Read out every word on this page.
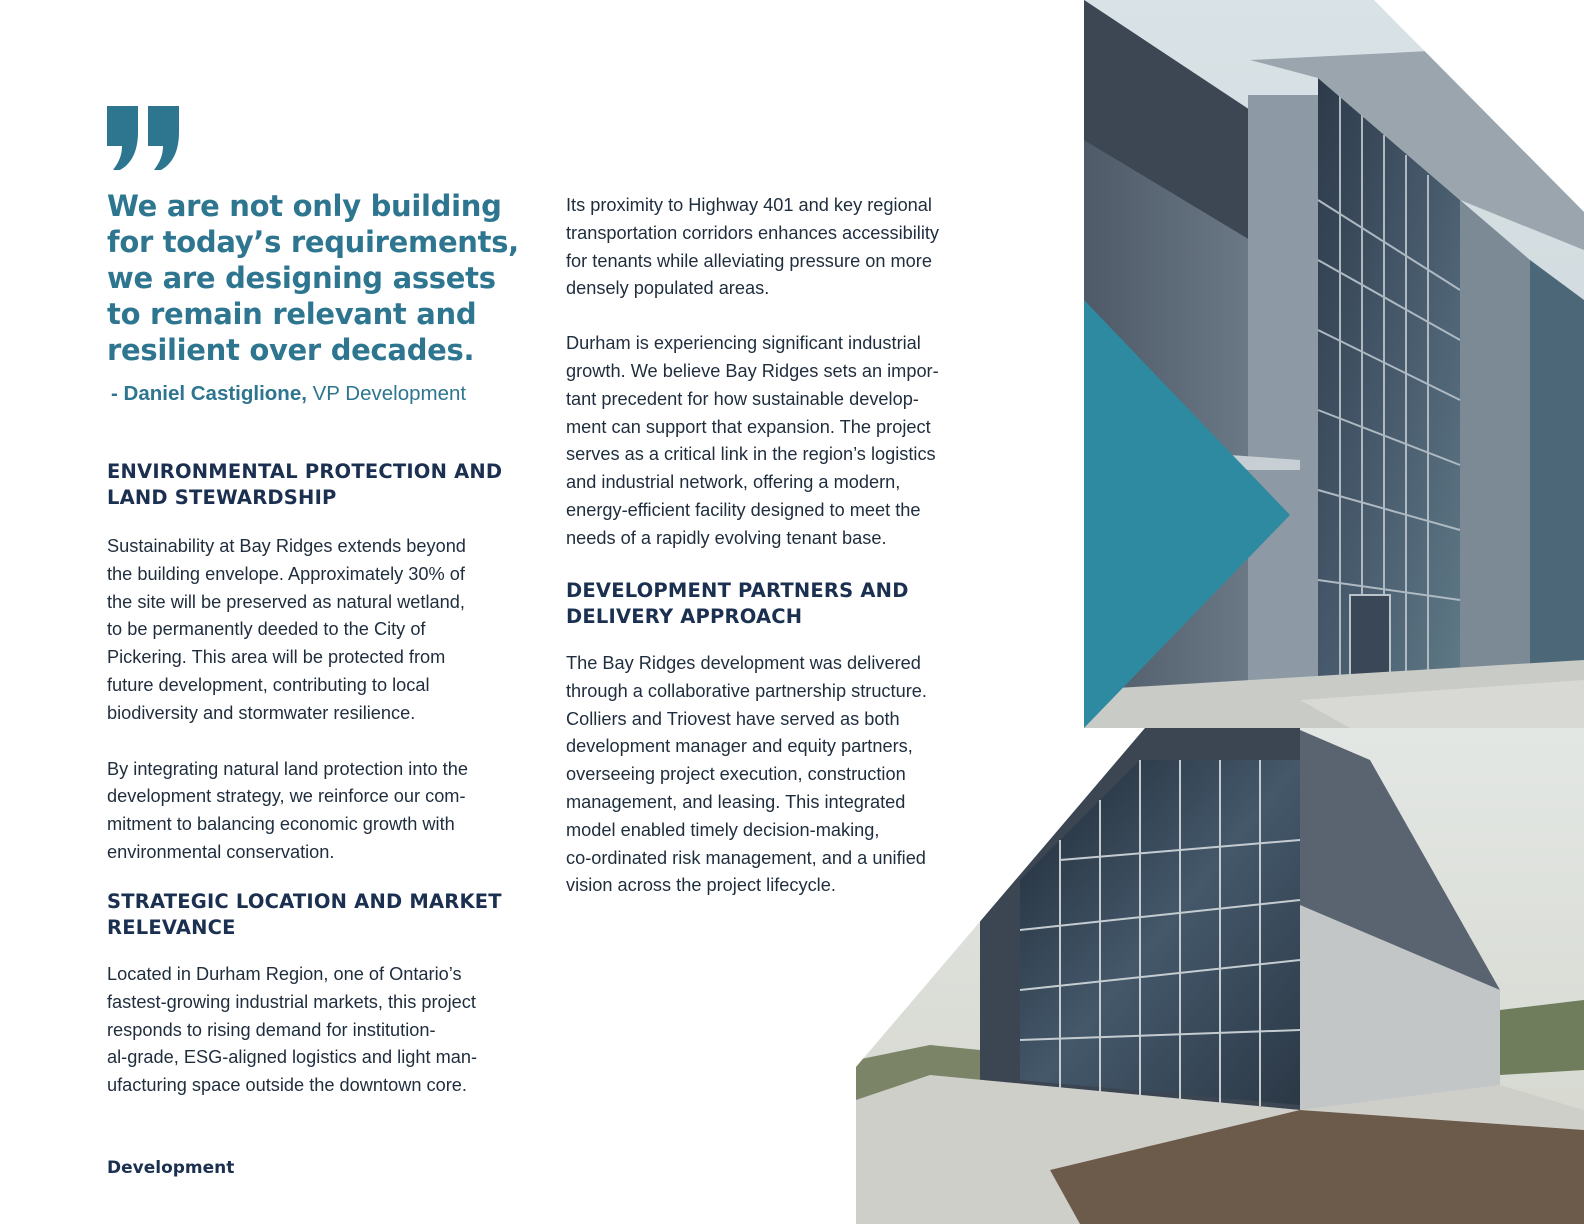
We are not only building
for today’s requirements,
we are designing assets
to remain relevant and
resilient over decades.

- Daniel Castiglione, VP Development

ENVIRONMENTAL PROTECTION AND
LAND STEWARDSHIP

Sustainability at Bay Ridges extends beyond
the building envelope. Approximately 30% of
the site will be preserved as natural wetland,
to be permanently deeded to the City of
Pickering. This area will be protected from
future development, contributing to local
biodiversity and stormwater resilience.

By integrating natural land protection into the
development strategy, we reinforce our com-
mitment to balancing economic growth with
environmental conservation.

STRATEGIC LOCATION AND MARKET
RELEVANCE

Located in Durham Region, one of Ontario’s
fastest-growing industrial markets, this project
responds to rising demand for institution-
al-grade, ESG-aligned logistics and light man-
ufacturing space outside the downtown core.

Its proximity to Highway 401 and key regional
transportation corridors enhances accessibility
for tenants while alleviating pressure on more
densely populated areas.

Durham is experiencing significant industrial
growth. We believe Bay Ridges sets an impor-
tant precedent for how sustainable develop-
ment can support that expansion. The project
serves as a critical link in the region’s logistics
and industrial network, offering a modern,
energy-efficient facility designed to meet the
needs of a rapidly evolving tenant base.

DEVELOPMENT PARTNERS AND
DELIVERY APPROACH

The Bay Ridges development was delivered
through a collaborative partnership structure.
Colliers and Triovest have served as both
development manager and equity partners,
overseeing project execution, construction
management, and leasing. This integrated
model enabled timely decision-making,
co-ordinated risk management, and a unified
vision across the project lifecycle.

Development
